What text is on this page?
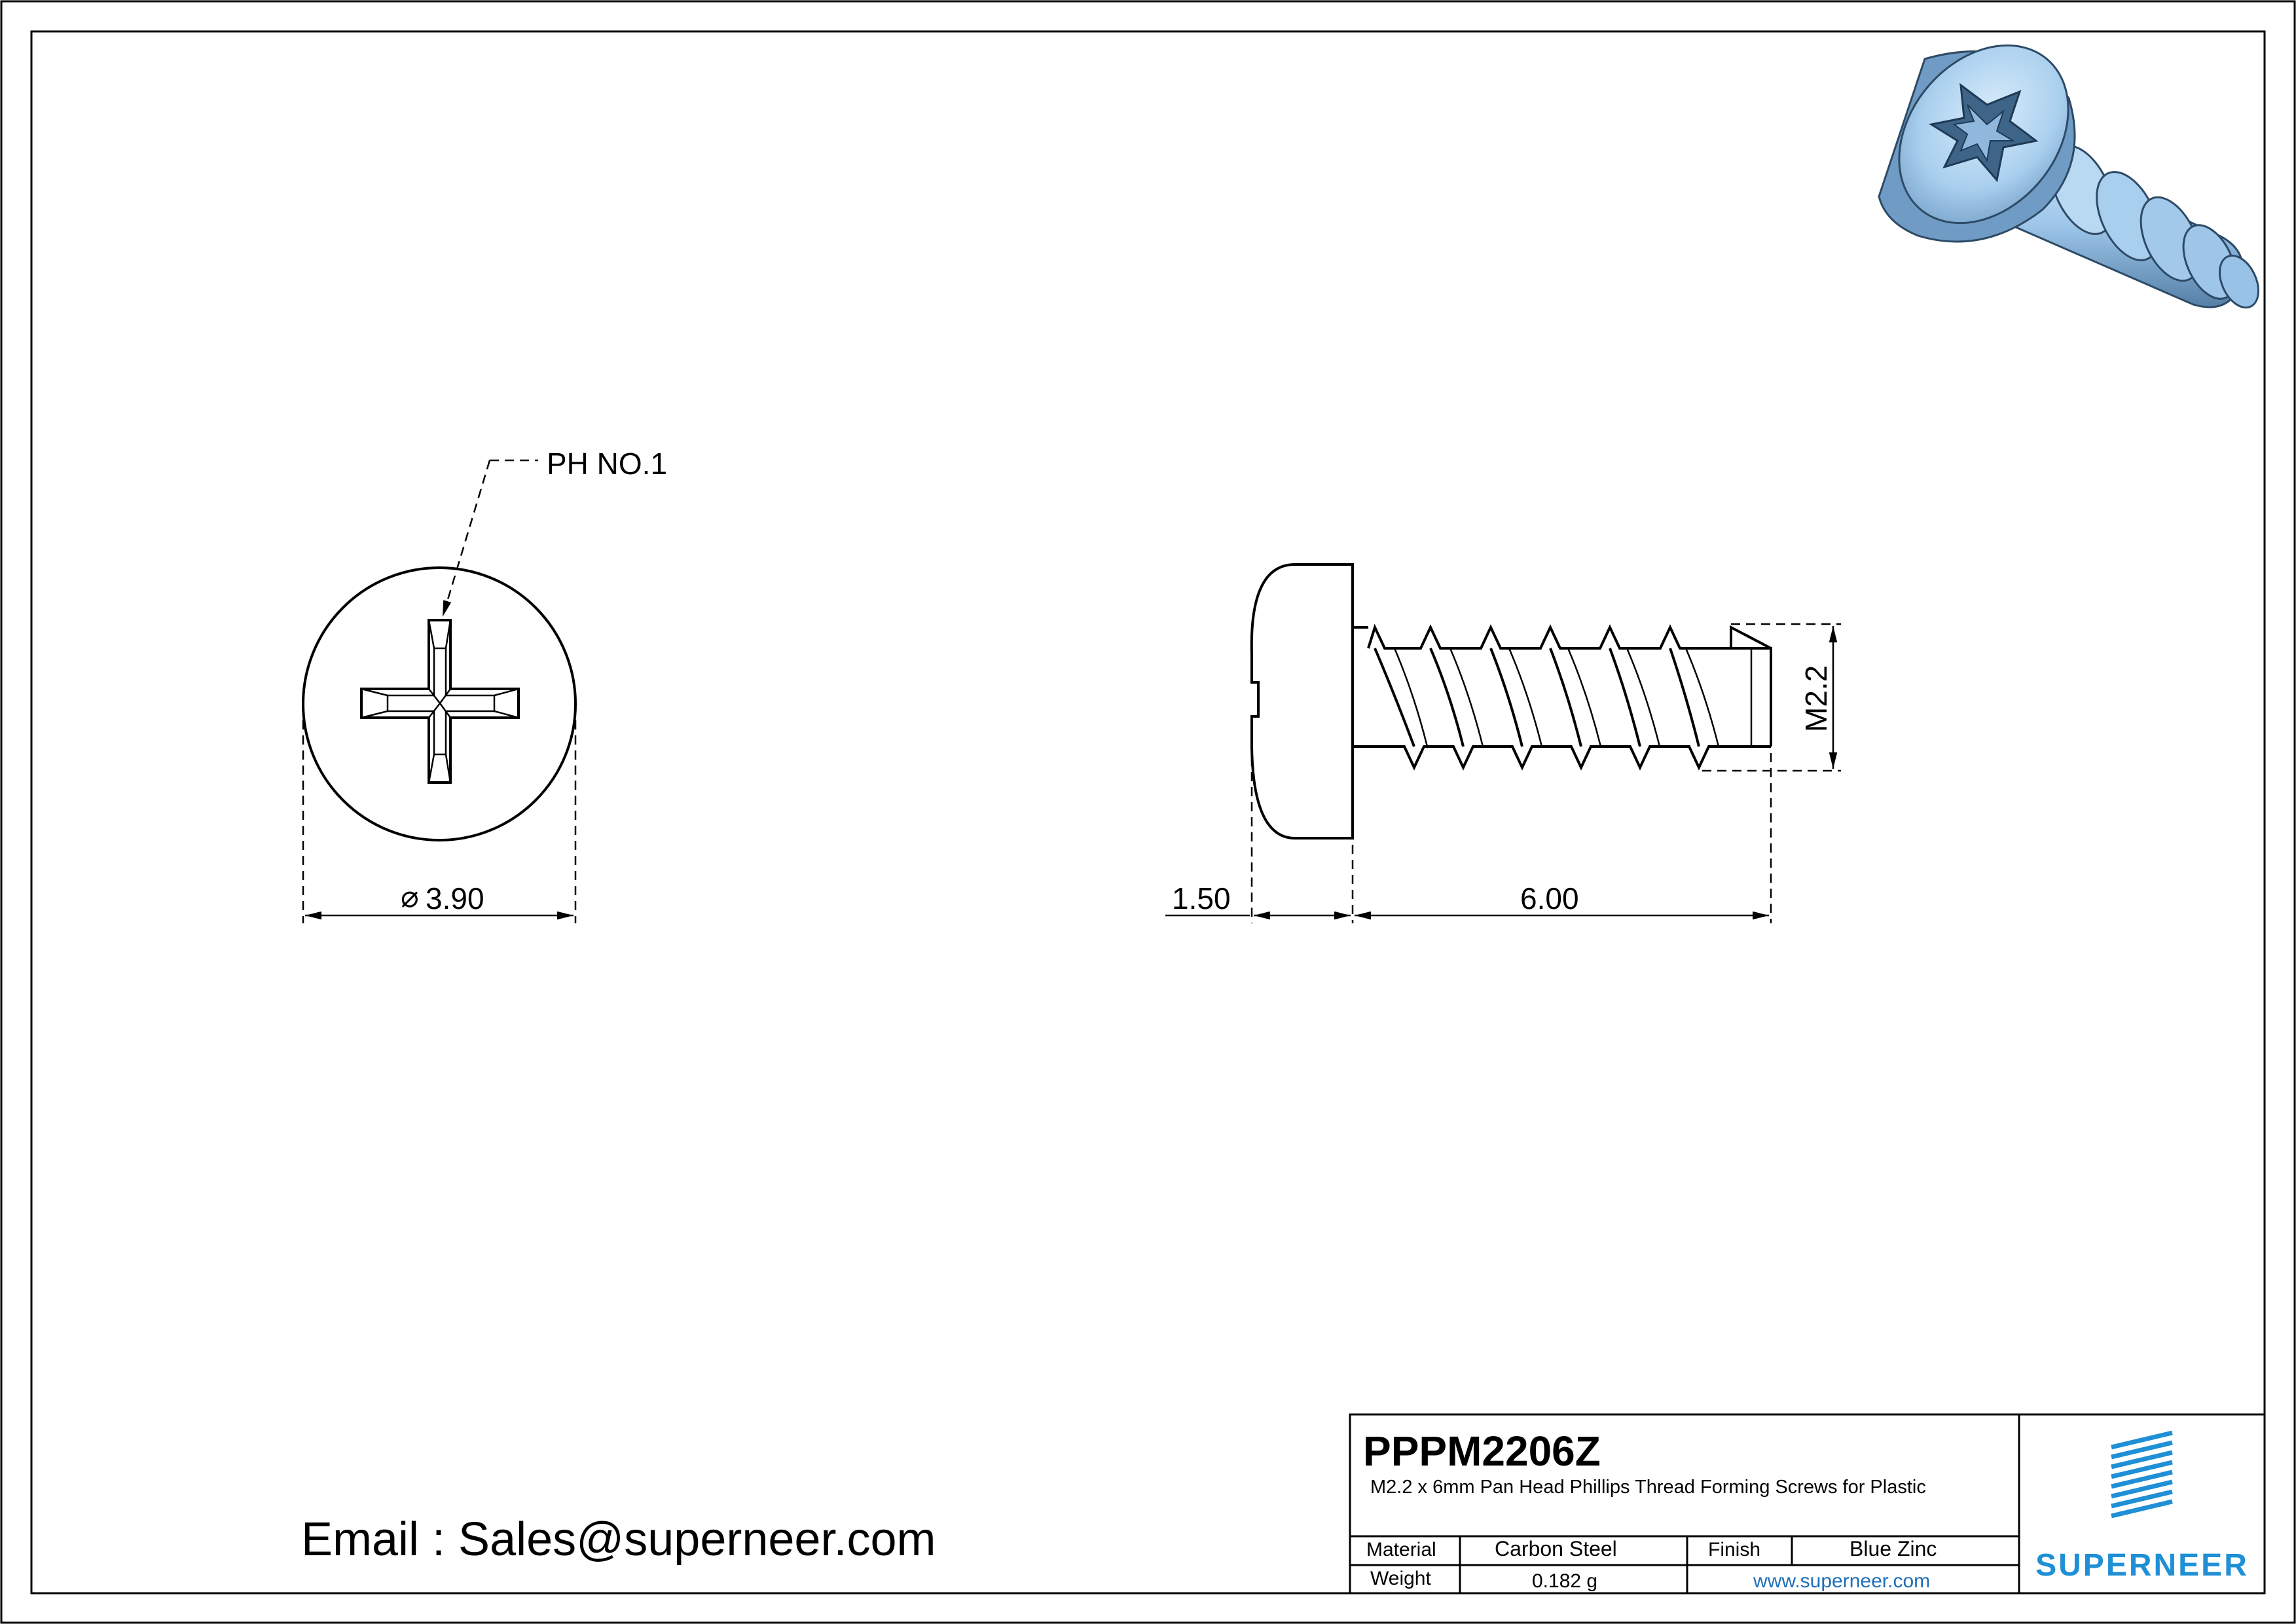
PH NO.1
⌀ 3.90
M2.2
1.50	6.00
Email : Sales@superneer.com
PPPM2206Z
M2.2 x 6mm Pan Head Phillips Thread Forming Screws for Plastic
Material	Carbon Steel	Finish	Blue Zinc
Weight	0.182 g	www.superneer.com	SUPERNEER
